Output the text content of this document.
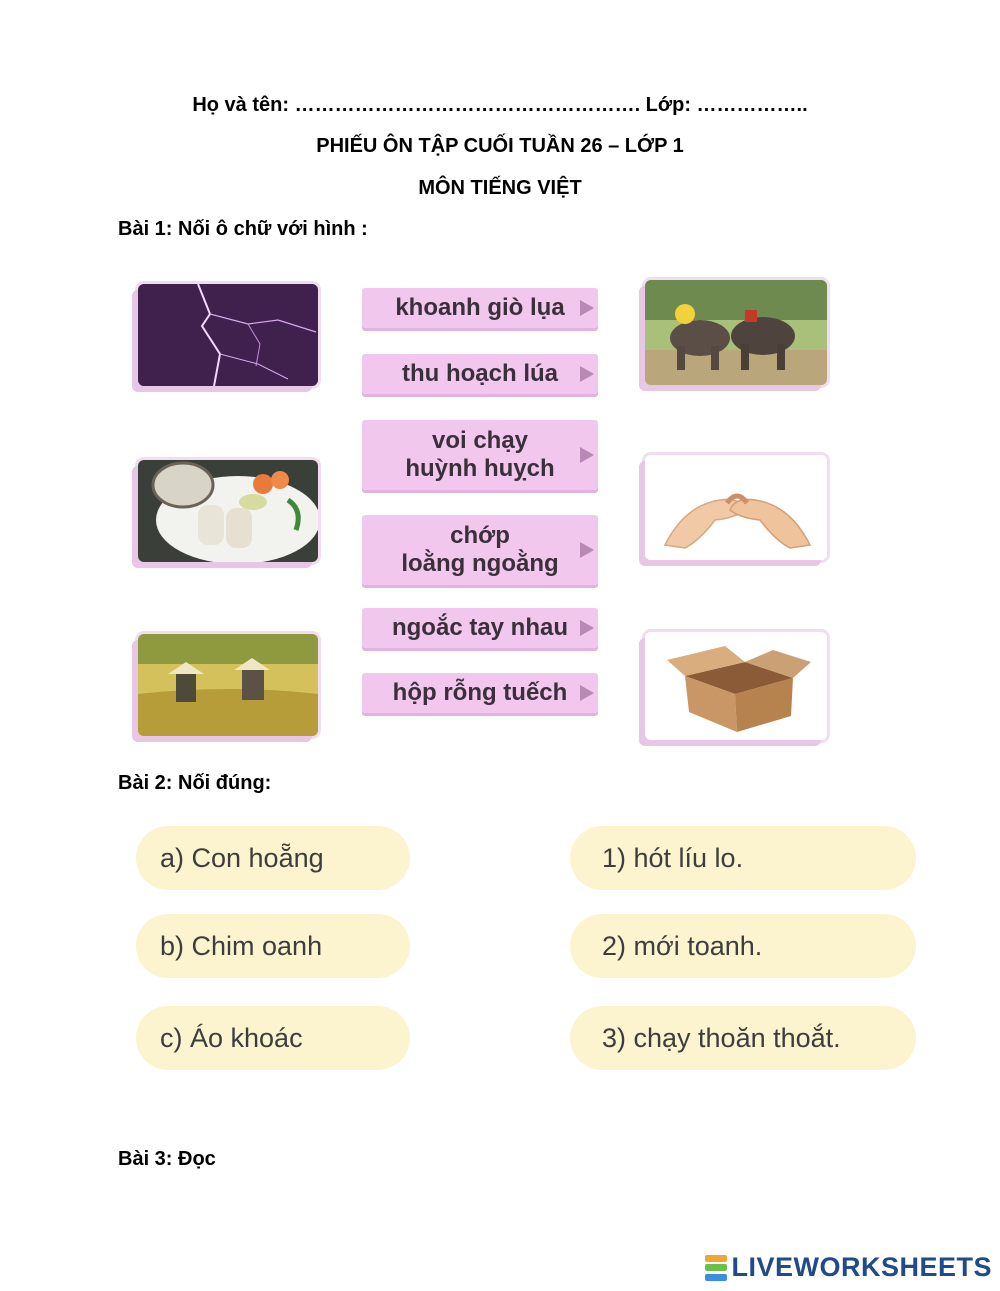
Họ và tên: ……………………………………………. Lớp: ……………..
PHIẾU ÔN TẬP CUỐI TUẦN 26 – LỚP 1
MÔN TIẾNG VIỆT
Bài 1: Nối ô chữ với hình :
khoanh giò lụa
thu hoạch lúa
voi chạy
huỳnh huỵch
chớp
loằng ngoằng
ngoắc tay nhau
hộp rỗng tuếch
Bài 2: Nối đúng:
a) Con hoẵng
b) Chim oanh
c) Áo khoác
1) hót líu lo.
2) mới toanh.
3) chạy thoăn thoắt.
Bài 3: Đọc
LIVEWORKSHEETS
